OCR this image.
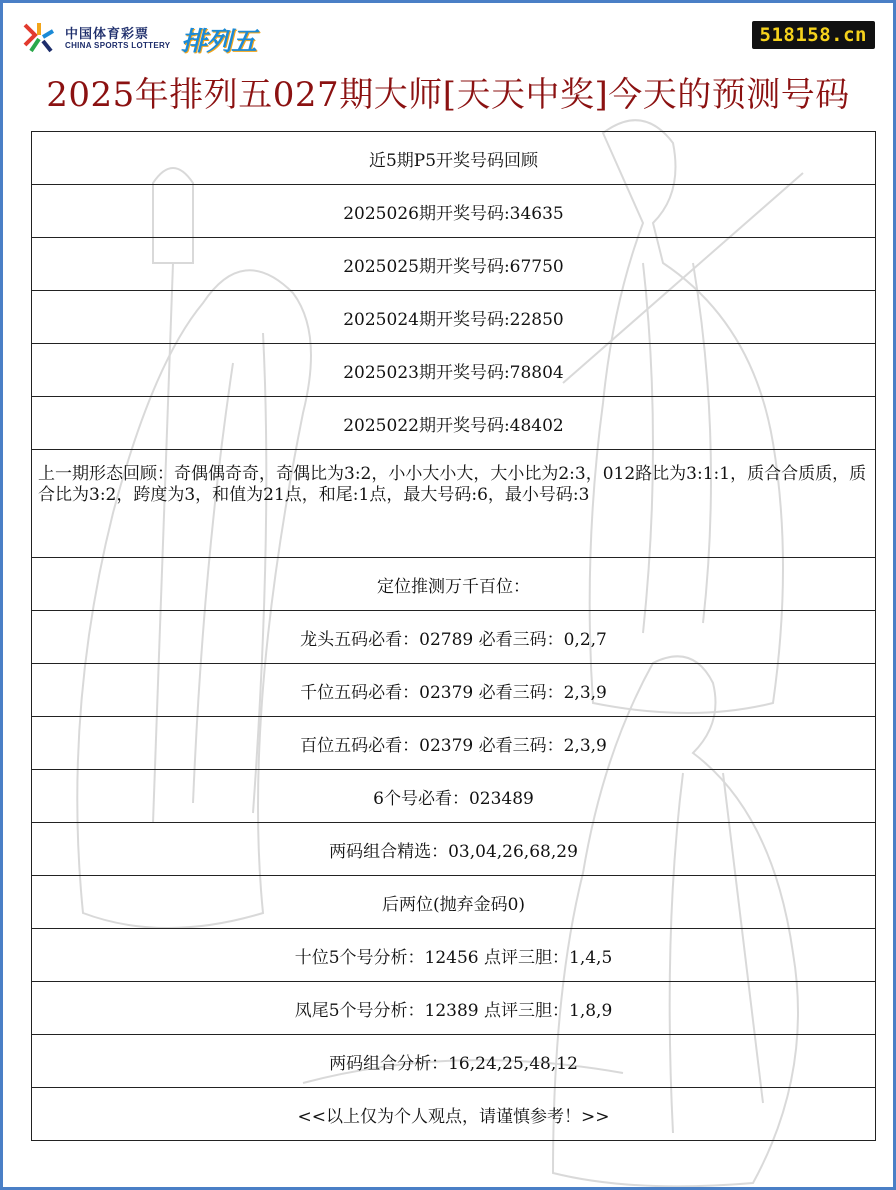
中国体育彩票
CHINA SPORTS LOTTERY 排列五	518158.cn
2025年排列五027期大师[天天中奖]今天的预测号码
近5期P5开奖号码回顾
2025026期开奖号码:34635
2025025期开奖号码:67750
2025024期开奖号码:22850
2025023期开奖号码:78804
2025022期开奖号码:48402
上一期形态回顾：奇偶偶奇奇，奇偶比为3:2，小小大小大，大小比为2:3，012路比为3:1:1，质合合质质，质合比为3:2，跨度为3，和值为21点，和尾:1点，最大号码:6，最小号码:3
定位推测万千百位：
龙头五码必看：02789 必看三码：0,2,7
千位五码必看：02379 必看三码：2,3,9
百位五码必看：02379 必看三码：2,3,9
6个号必看：023489
两码组合精选：03,04,26,68,29
后两位(抛弃金码0)
十位5个号分析：12456 点评三胆：1,4,5
凤尾5个号分析：12389 点评三胆：1,8,9
两码组合分析：16,24,25,48,12
<<以上仅为个人观点，请谨慎参考！>>
